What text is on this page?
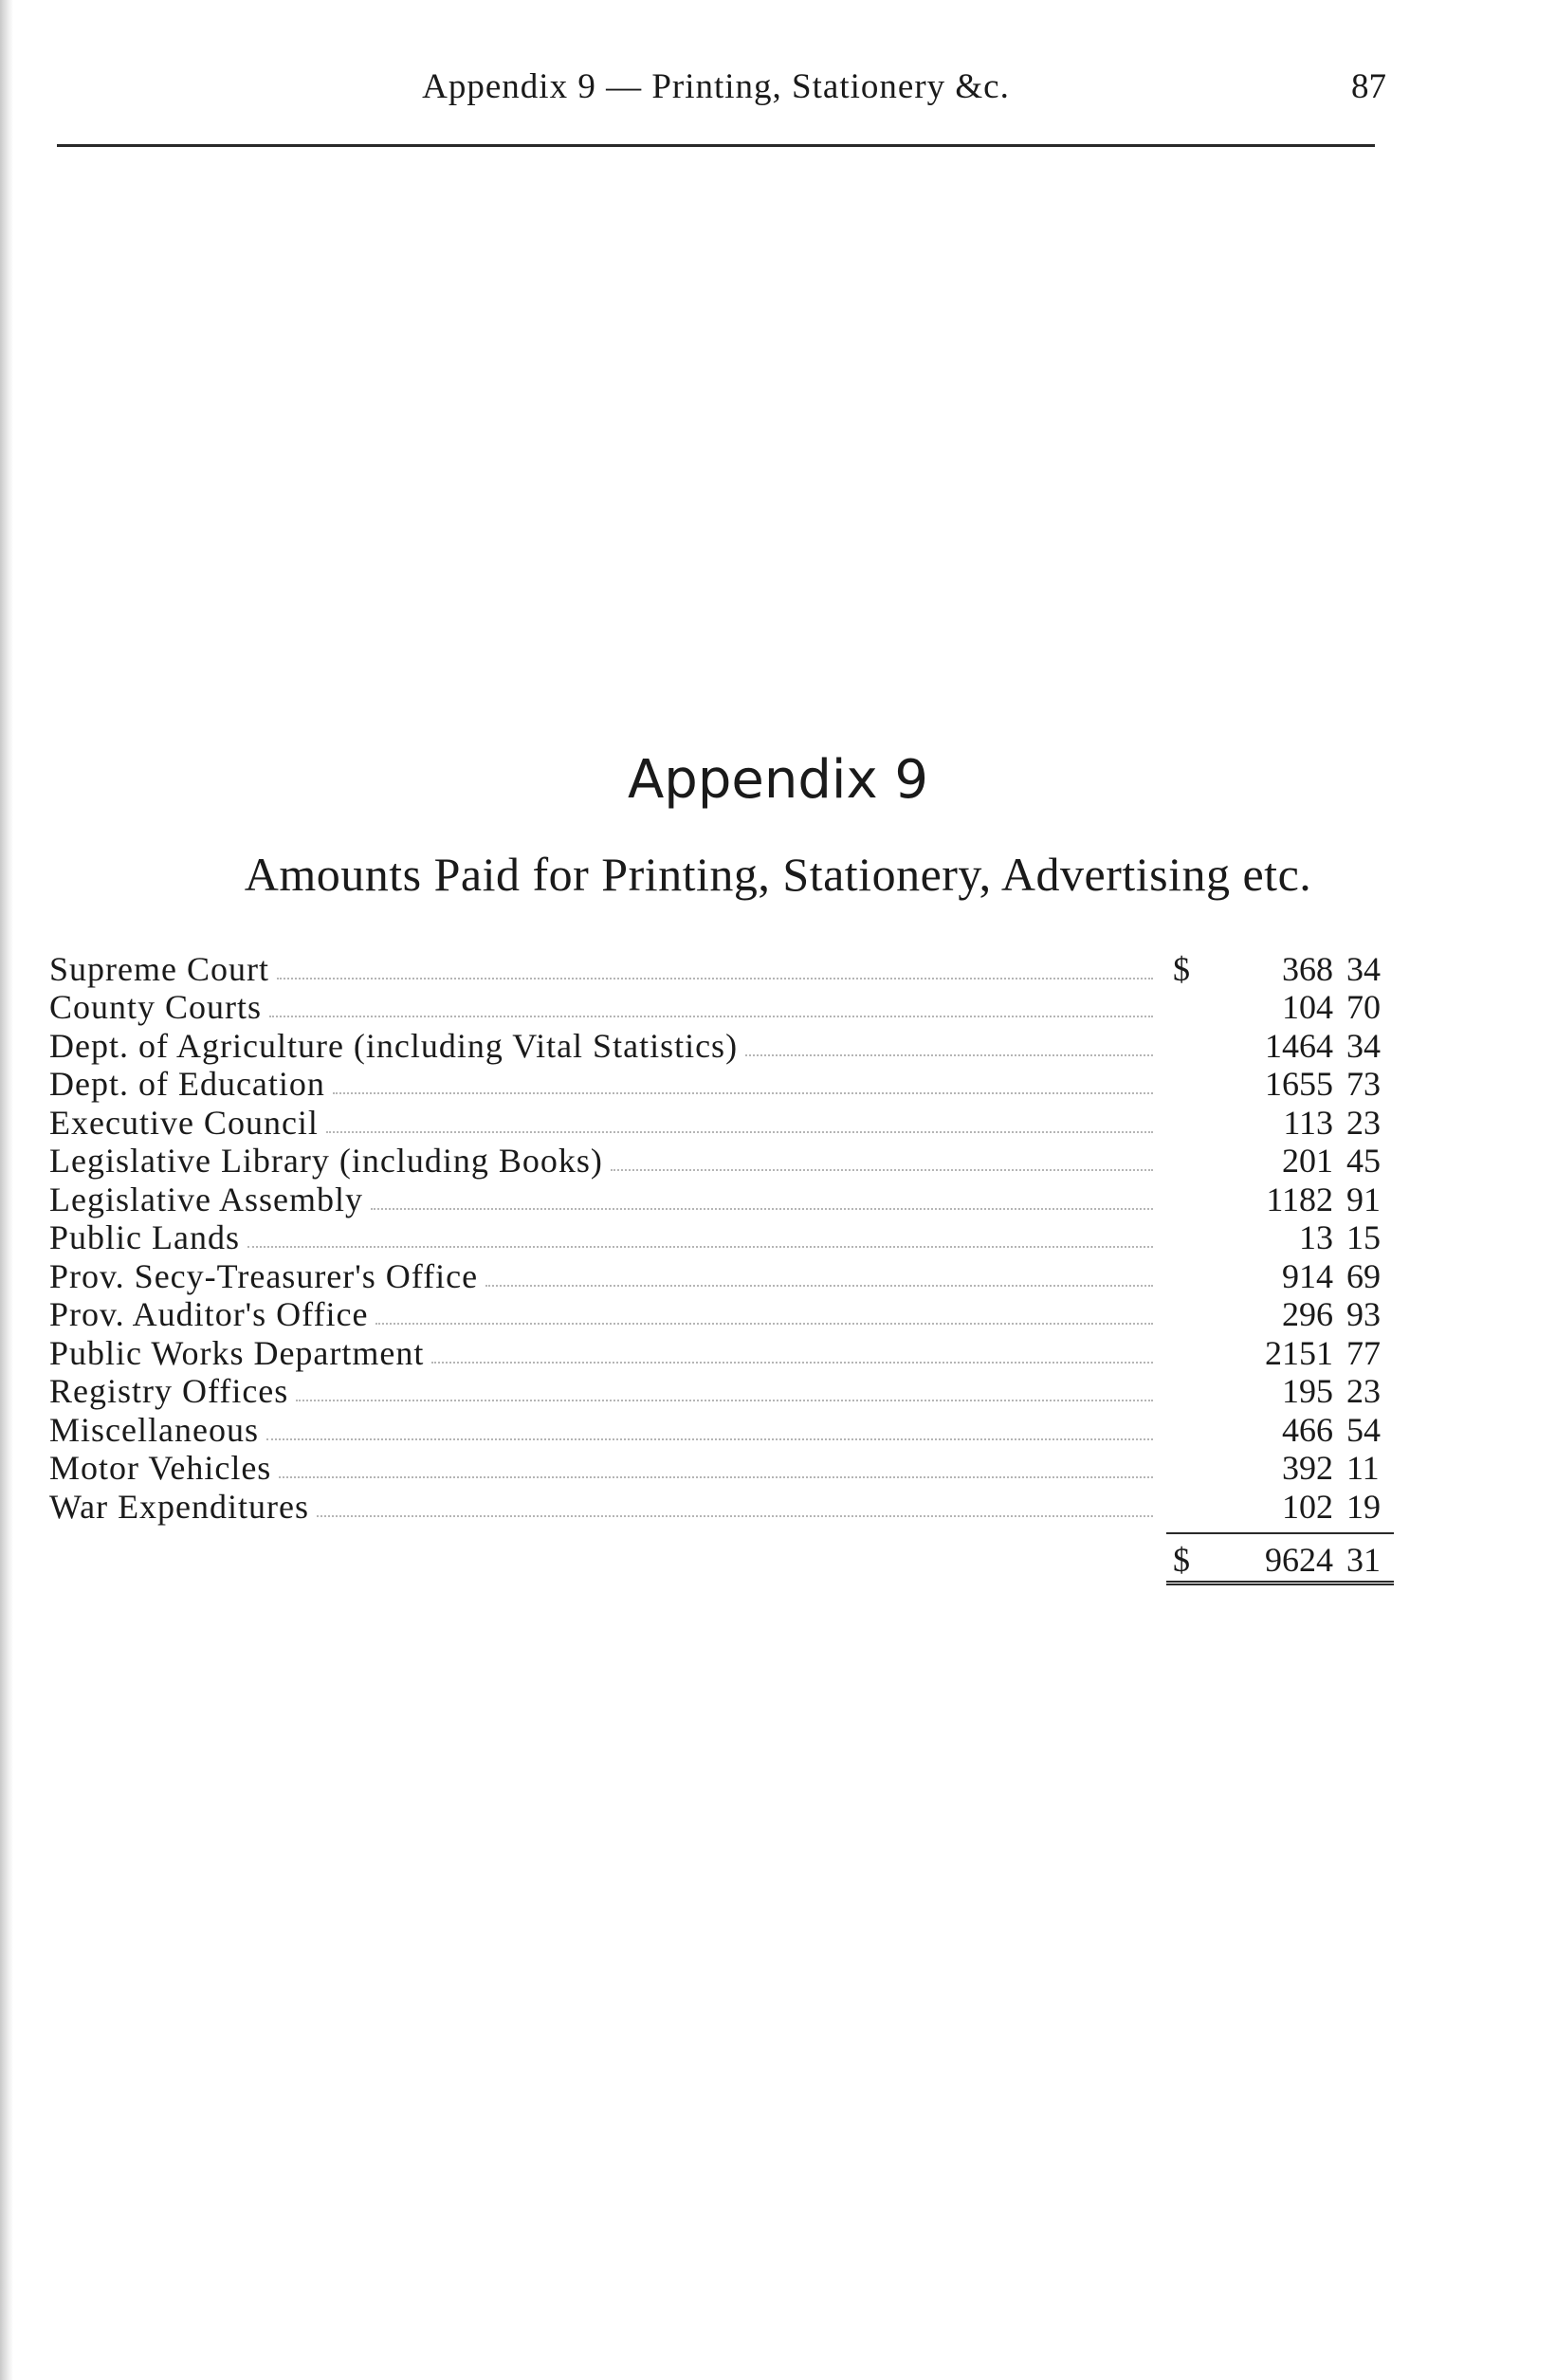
Appendix 9 — Printing, Stationery &c.	87
Appendix 9
Amounts Paid for Printing, Stationery, Advertising etc.
Supreme Court	$	368 34
County Courts	104 70
Dept. of Agriculture (including Vital Statistics)	1464 34
Dept. of Education	1655 73
Executive Council	113 23
Legislative Library (including Books)	201 45
Legislative Assembly	1182 91
Public Lands	13 15
Prov. Secy-Treasurer's Office	914 69
Prov. Auditor's Office	296 93
Public Works Department	2151 77
Registry Offices	195 23
Miscellaneous	466 54
Motor Vehicles	392 11
War Expenditures	102 19
$	9624 31
